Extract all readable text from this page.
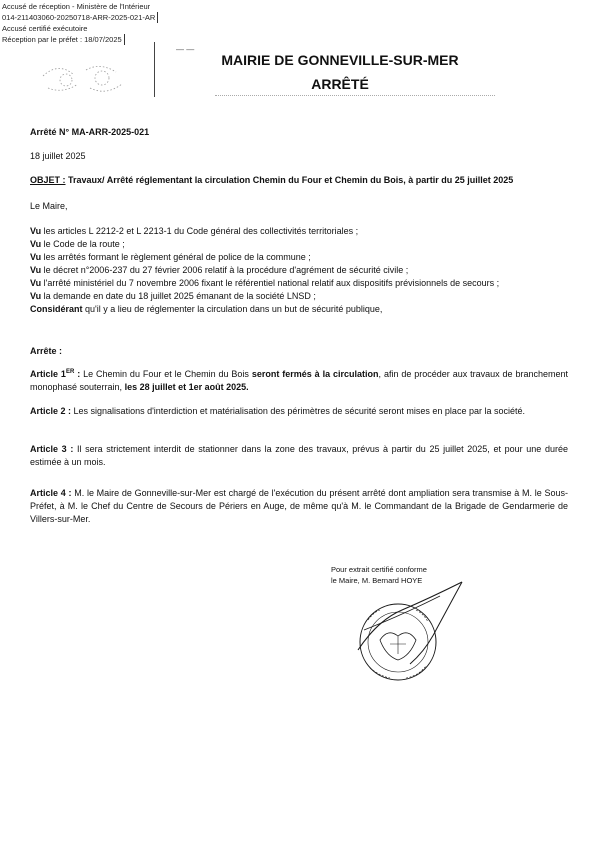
Accusé de réception - Ministère de l'Intérieur
014-211403060-20250718-ARR-2025-021-AR
Accusé certifié exécutoire
Réception par le préfet : 18/07/2025
— —
MAIRIE DE GONNEVILLE-SUR-MER
ARRÊTÉ
Arrêté N° MA-ARR-2025-021
18 juillet 2025
OBJET : Travaux/ Arrêté réglementant la circulation Chemin du Four et Chemin du Bois, à partir du 25 juillet 2025
Le Maire,
Vu les articles L 2212-2 et L 2213-1 du Code général des collectivités territoriales ;
Vu le Code de la route ;
Vu les arrêtés formant le règlement général de police de la commune ;
Vu le décret n°2006-237 du 27 février 2006 relatif à la procédure d'agrément de sécurité civile ;
Vu l'arrêté ministériel du 7 novembre 2006 fixant le référentiel national relatif aux dispositifs prévisionnels de secours ;
Vu la demande en date du 18 juillet 2025 émanant de la société LNSD ;
Considérant qu'il y a lieu de réglementer la circulation dans un but de sécurité publique,
Arrête :
Article 1ER : Le Chemin du Four et le Chemin du Bois seront fermés à la circulation, afin de procéder aux travaux de branchement monophasé souterrain, les 28 juillet et 1er août 2025.
Article 2 : Les signalisations d'interdiction et matérialisation des périmètres de sécurité seront mises en place par la société.
Article 3 : Il sera strictement interdit de stationner dans la zone des travaux, prévus à partir du 25 juillet 2025, et pour une durée estimée à un mois.
Article 4 : M. le Maire de Gonneville-sur-Mer est chargé de l'exécution du présent arrêté dont ampliation sera transmise à M. le Sous-Préfet, à M. le Chef du Centre de Secours de Périers en Auge, de même qu'à M. le Commandant de la Brigade de Gendarmerie de Villers-sur-Mer.
Pour extrait certifié conforme
le Maire, M. Bernard HOYE
